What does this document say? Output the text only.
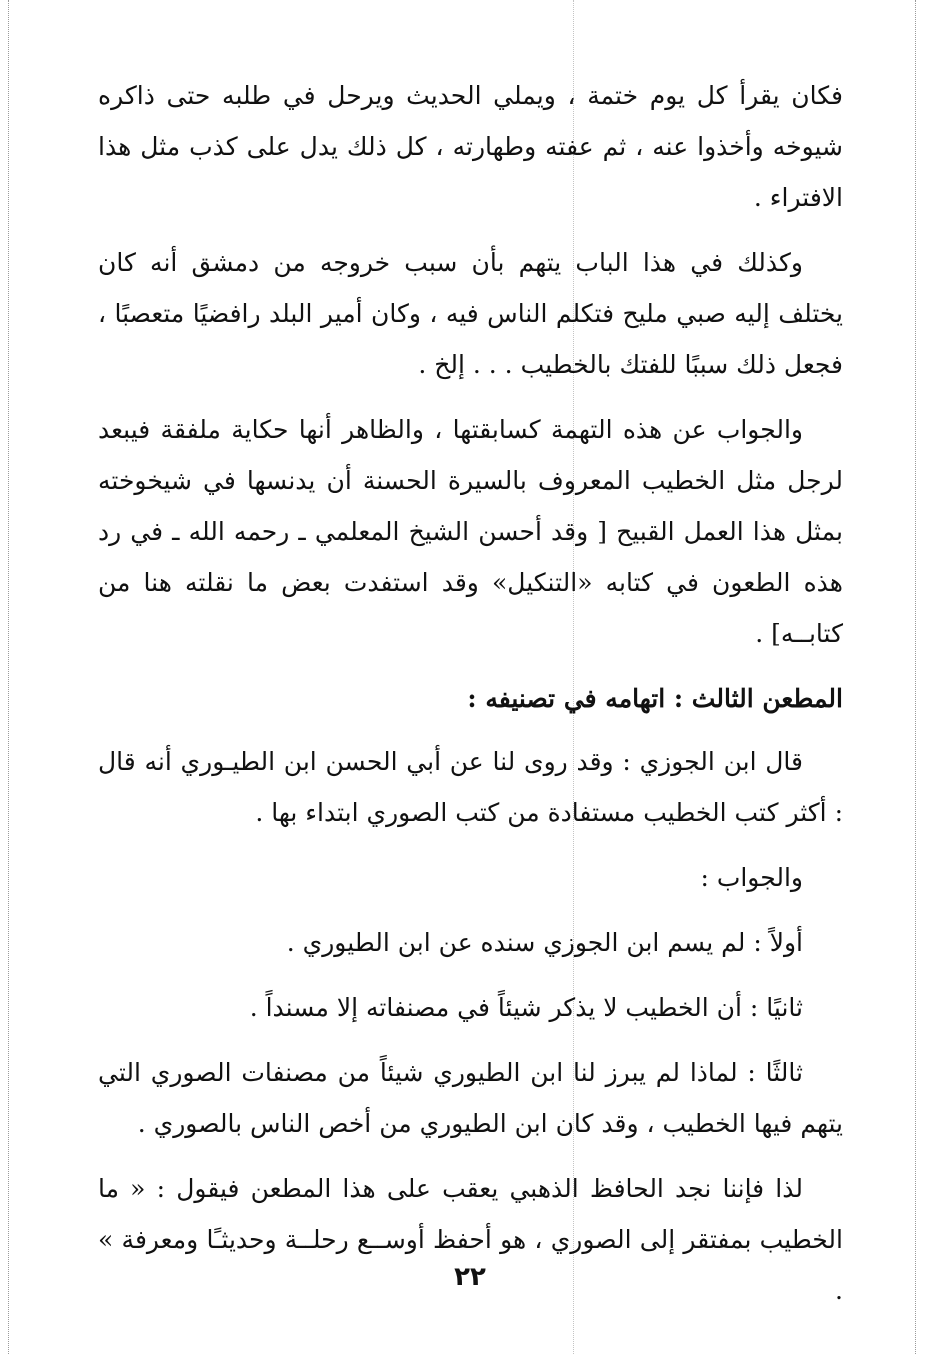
فكان يقرأ كل يوم ختمة ، ويملي الحديث ويرحل في طلبه حتى ذاكره شيوخه وأخذوا عنه ، ثم عفته وطهارته ، كل ذلك يدل على كذب مثل هذا الافتراء .

وكذلك في هذا الباب يتهم بأن سبب خروجه من دمشق أنه كان يختلف إليه صبي مليح فتكلم الناس فيه ، وكان أمير البلد رافضيًا متعصبًا ، فجعل ذلك سببًا للفتك بالخطيب . . . إلخ .

والجواب عن هذه التهمة كسابقتها ، والظاهر أنها حكاية ملفقة فيبعد لرجل مثل الخطيب المعروف بالسيرة الحسنة أن يدنسها في شيخوخته بمثل هذا العمل القبيح [ وقد أحسن الشيخ المعلمي ـ رحمه الله ـ في رد هذه الطعون في كتابه «التنكيل» وقد استفدت بعض ما نقلته هنا من كتابــه] .

المطعن الثالث : اتهامه في تصنيفه :

قال ابن الجوزي : وقد روى لنا عن أبي الحسن ابن الطيـوري أنه قال : أكثر كتب الخطيب مستفادة من كتب الصوري ابتداء بها .

والجواب :

أولاً : لم يسم ابن الجوزي سنده عن ابن الطيوري .

ثانيًا : أن الخطيب لا يذكر شيئاً في مصنفاته إلا مسنداً .

ثالثًا : لماذا لم يبرز لنا ابن الطيوري شيئاً من مصنفات الصوري التي يتهم فيها الخطيب ، وقد كان ابن الطيوري من أخص الناس بالصوري .

لذا فإننا نجد الحافظ الذهبي يعقب على هذا المطعن فيقول : « ما الخطيب بمفتقر إلى الصوري ، هو أحفظ أوســع رحلــة وحديثـًا ومعرفة » .

٢٢
